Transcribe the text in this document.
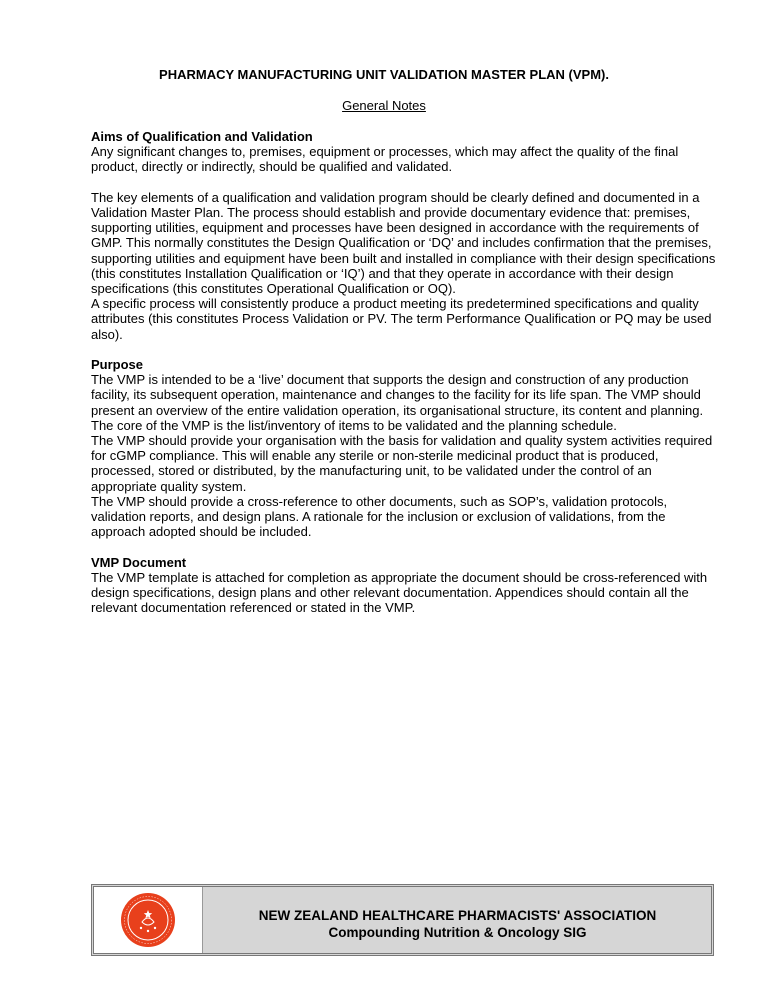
PHARMACY MANUFACTURING UNIT VALIDATION MASTER PLAN (VPM).
General Notes
Aims of Qualification and Validation

Any significant changes to, premises, equipment or processes, which may affect the quality of the final product, directly or indirectly, should be qualified and validated.

The key elements of a qualification and validation program should be clearly defined and documented in a Validation Master Plan. The process should establish and provide documentary evidence that: premises, supporting utilities, equipment and processes have been designed in accordance with the requirements of GMP. This normally constitutes the Design Qualification or ‘DQ’ and includes confirmation that the premises, supporting utilities and equipment have been built and installed in compliance with their design specifications (this constitutes Installation Qualification or ‘IQ’) and that they operate in accordance with their design specifications (this constitutes Operational Qualification or OQ).

A specific process will consistently produce a product meeting its predetermined specifications and quality attributes (this constitutes Process Validation or PV. The term Performance Qualification or PQ may be used also).

Purpose

The VMP is intended to be a ‘live’ document that supports the design and construction of any production facility, its subsequent operation, maintenance and changes to the facility for its life span. The VMP should present an overview of the entire validation operation, its organisational structure, its content and planning. The core of the VMP is the list/inventory of items to be validated and the planning schedule.

The VMP should provide your organisation with the basis for validation and quality system activities required for cGMP compliance. This will enable any sterile or non-sterile medicinal product that is produced, processed, stored or distributed, by the manufacturing unit, to be validated under the control of an appropriate quality system.

The VMP should provide a cross-reference to other documents, such as SOP’s, validation protocols, validation reports, and design plans. A rationale for the inclusion or exclusion of validations, from the approach adopted should be included.

VMP Document

The VMP template is attached for completion as appropriate the document should be cross-referenced with design specifications, design plans and other relevant documentation. Appendices should contain all the relevant documentation referenced or stated in the VMP.

NEW ZEALAND HEALTHCARE PHARMACISTS' ASSOCIATION
Compounding Nutrition & Oncology SIG
